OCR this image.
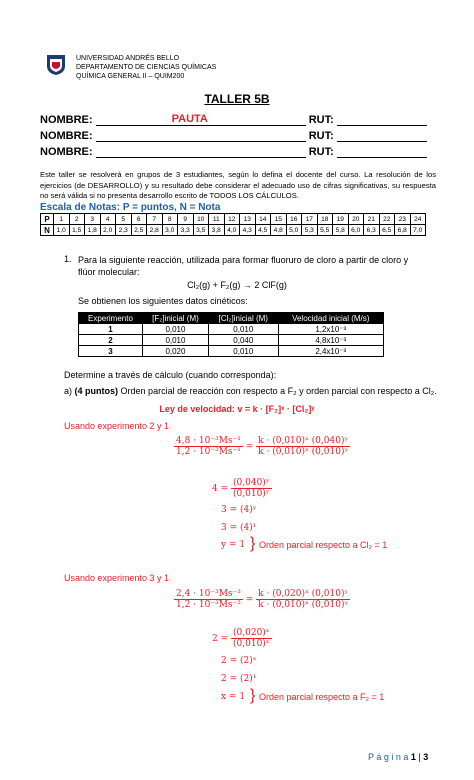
UNIVERSIDAD ANDRÉS BELLO
DEPARTAMENTO DE CIENCIAS QUÍMICAS
QUÍMICA GENERAL II – QUIM200
TALLER 5B
NOMBRE:	PAUTA	RUT:
NOMBRE:	RUT:
NOMBRE:	RUT:
Este taller se resolverá en grupos de 3 estudiantes, según lo defina el docente del curso. La resolución de los ejercicios (de DESARROLLO) y su resultado debe considerar el adecuado uso de cifras significativas, su respuesta no será válida si no presenta desarrollo escrito de TODOS LOS CÁLCULOS.
Escala de Notas: P = puntos, N = Nota
P	1	2	3	4	5	6	7	8	9	10	11	12	13	14	15	16	17	18	19	20	21	22	23	24
N	1,0	1,5	1,8	2,0	2,3	2,5	2,8	3,0	3,3	3,5	3,8	4,0	4,3	4,5	4,8	5,0	5,3	5,5	5,8	6,0	6,3	6,5	6,8	7,0
1. Para la siguiente reacción, utilizada para formar fluoruro de cloro a partir de cloro y flúor molecular:
Cl₂(g) + F₂(g) → 2 ClF(g)
Se obtienen los siguientes datos cinéticos:
Experimento	[F₂]inicial (M)	[Cl₂]inicial (M)	Velocidad inicial (M/s)
1	0,010	0,010	1,2x10⁻³
2	0,010	0,040	4,8x10⁻³
3	0,020	0,010	2,4x10⁻³
Determine a través de cálculo (cuando corresponda):
a) (4 puntos) Orden parcial de reacción con respecto a F₂ y orden parcial con respecto a Cl₂.
Ley de velocidad: v = k · [F₂]ˣ · [Cl₂]ʸ
Usando experimento 2 y 1
$\frac{\text{4,8 · 10⁻³Ms⁻¹}}{\text{1,2 · 10⁻³Ms⁻¹}} = \frac{\text{k · (0,010)ˣ (0,040)ʸ}}{\text{k · (0,010)ˣ (0,010)ʸ}}$
$4 = \frac{\text{(0,040)ʸ}}{\text{(0,010)ʸ}}$
3 = (4)ʸ
3 = (4)¹
y = 1 } Orden parcial respecto a Cl₂ = 1
Usando experimento 3 y 1
$\frac{\text{2,4 · 10⁻³Ms⁻³}}{\text{1,2 · 10⁻³Ms⁻³}} = \frac{\text{k · (0,020)ˣ (0,010)ʸ}}{\text{k · (0,010)ˣ (0,010)ʸ}}$
$2 = \frac{\text{(0,020)ˣ}}{\text{(0,010)ˣ}}$
2 = (2)ˣ
2 = (2)¹
x = 1 } Orden parcial respecto a F₂ = 1
P á g i n a 1 | 3
